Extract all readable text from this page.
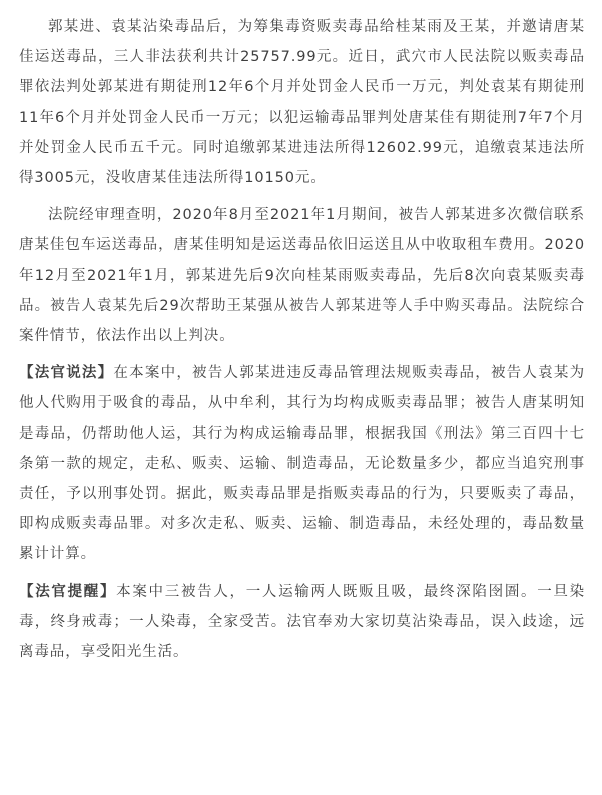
郭某进、袁某沾染毒品后，为筹集毒资贩卖毒品给桂某雨及王某，并邀请唐某佳运送毒品，三人非法获利共计25757.99元。近日，武穴市人民法院以贩卖毒品罪依法判处郭某进有期徒刑12年6个月并处罚金人民币一万元，判处袁某有期徒刑11年6个月并处罚金人民币一万元；以犯运输毒品罪判处唐某佳有期徒刑7年7个月并处罚金人民币五千元。同时追缴郭某进违法所得12602.99元，追缴袁某违法所得3005元，没收唐某佳违法所得10150元。

法院经审理查明，2020年8月至2021年1月期间，被告人郭某进多次微信联系唐某佳包车运送毒品，唐某佳明知是运送毒品依旧运送且从中收取租车费用。2020年12月至2021年1月，郭某进先后9次向桂某雨贩卖毒品，先后8次向袁某贩卖毒品。被告人袁某先后29次帮助王某强从被告人郭某进等人手中购买毒品。法院综合案件情节，依法作出以上判决。

【法官说法】在本案中，被告人郭某进违反毒品管理法规贩卖毒品，被告人袁某为他人代购用于吸食的毒品，从中牟利，其行为均构成贩卖毒品罪；被告人唐某明知是毒品，仍帮助他人运，其行为构成运输毒品罪，根据我国《刑法》第三百四十七条第一款的规定，走私、贩卖、运输、制造毒品，无论数量多少，都应当追究刑事责任，予以刑事处罚。据此，贩卖毒品罪是指贩卖毒品的行为，只要贩卖了毒品，即构成贩卖毒品罪。对多次走私、贩卖、运输、制造毒品，未经处理的，毒品数量累计计算。

【法官提醒】本案中三被告人，一人运输两人既贩且吸，最终深陷囹圄。一旦染毒，终身戒毒；一人染毒，全家受苦。法官奉劝大家切莫沾染毒品，误入歧途，远离毒品，享受阳光生活。
